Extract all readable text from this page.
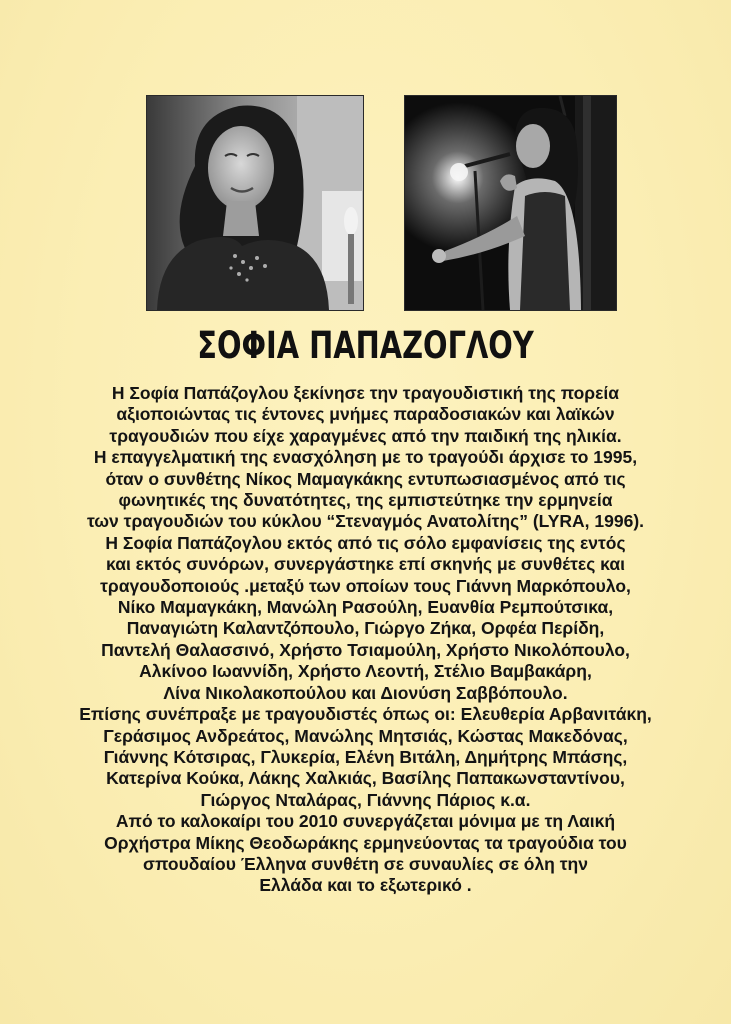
ΣΟΦΙΑ ΠΑΠΑΖΟΓΛΟΥ
Η Σοφία Παπάζογλου ξεκίνησε την τραγουδιστική της πορεία
αξιοποιώντας τις έντονες μνήμες παραδοσιακών και λαϊκών
τραγουδιών που είχε χαραγμένες από την παιδική της ηλικία.
Η επαγγελματική της ενασχόληση με το τραγούδι άρχισε το 1995,
όταν ο συνθέτης Νίκος Μαμαγκάκης εντυπωσιασμένος από τις
φωνητικές της δυνατότητες, της εμπιστεύτηκε την ερμηνεία
των τραγουδιών του κύκλου “Στεναγμός Ανατολίτης” (LYRA, 1996).
Η Σοφία Παπάζογλου εκτός από τις σόλο εμφανίσεις της εντός
και εκτός συνόρων, συνεργάστηκε επί σκηνής με συνθέτες και
τραγουδοποιούς .μεταξύ των οποίων τους Γιάννη Μαρκόπουλο,
Νίκο Μαμαγκάκη, Μανώλη Ρασούλη, Ευανθία Ρεμπούτσικα,
Παναγιώτη Καλαντζόπουλο, Γιώργο Ζήκα, Ορφέα Περίδη,
Παντελή Θαλασσινό, Χρήστο Τσιαμούλη, Χρήστο Νικολόπουλο,
Αλκίνοο Ιωαννίδη, Χρήστο Λεοντή, Στέλιο Βαμβακάρη,
Λίνα Νικολακοπούλου και Διονύση Σαββόπουλο.
Επίσης συνέπραξε με τραγουδιστές όπως οι: Ελευθερία Αρβανιτάκη,
Γεράσιμος Ανδρεάτος, Μανώλης Μητσιάς, Κώστας Μακεδόνας,
Γιάννης Κότσιρας, Γλυκερία, Ελένη Βιτάλη, Δημήτρης Μπάσης,
Κατερίνα Κούκα, Λάκης Χαλκιάς, Βασίλης Παπακωνσταντίνου,
Γιώργος Νταλάρας, Γιάννης Πάριος κ.α.
Από το καλοκαίρι του 2010 συνεργάζεται μόνιμα με τη Λαική
Ορχήστρα Μίκης Θεοδωράκης ερμηνεύοντας τα τραγούδια του
σπουδαίου Έλληνα συνθέτη σε συναυλίες σε όλη την
Ελλάδα και το εξωτερικό .
